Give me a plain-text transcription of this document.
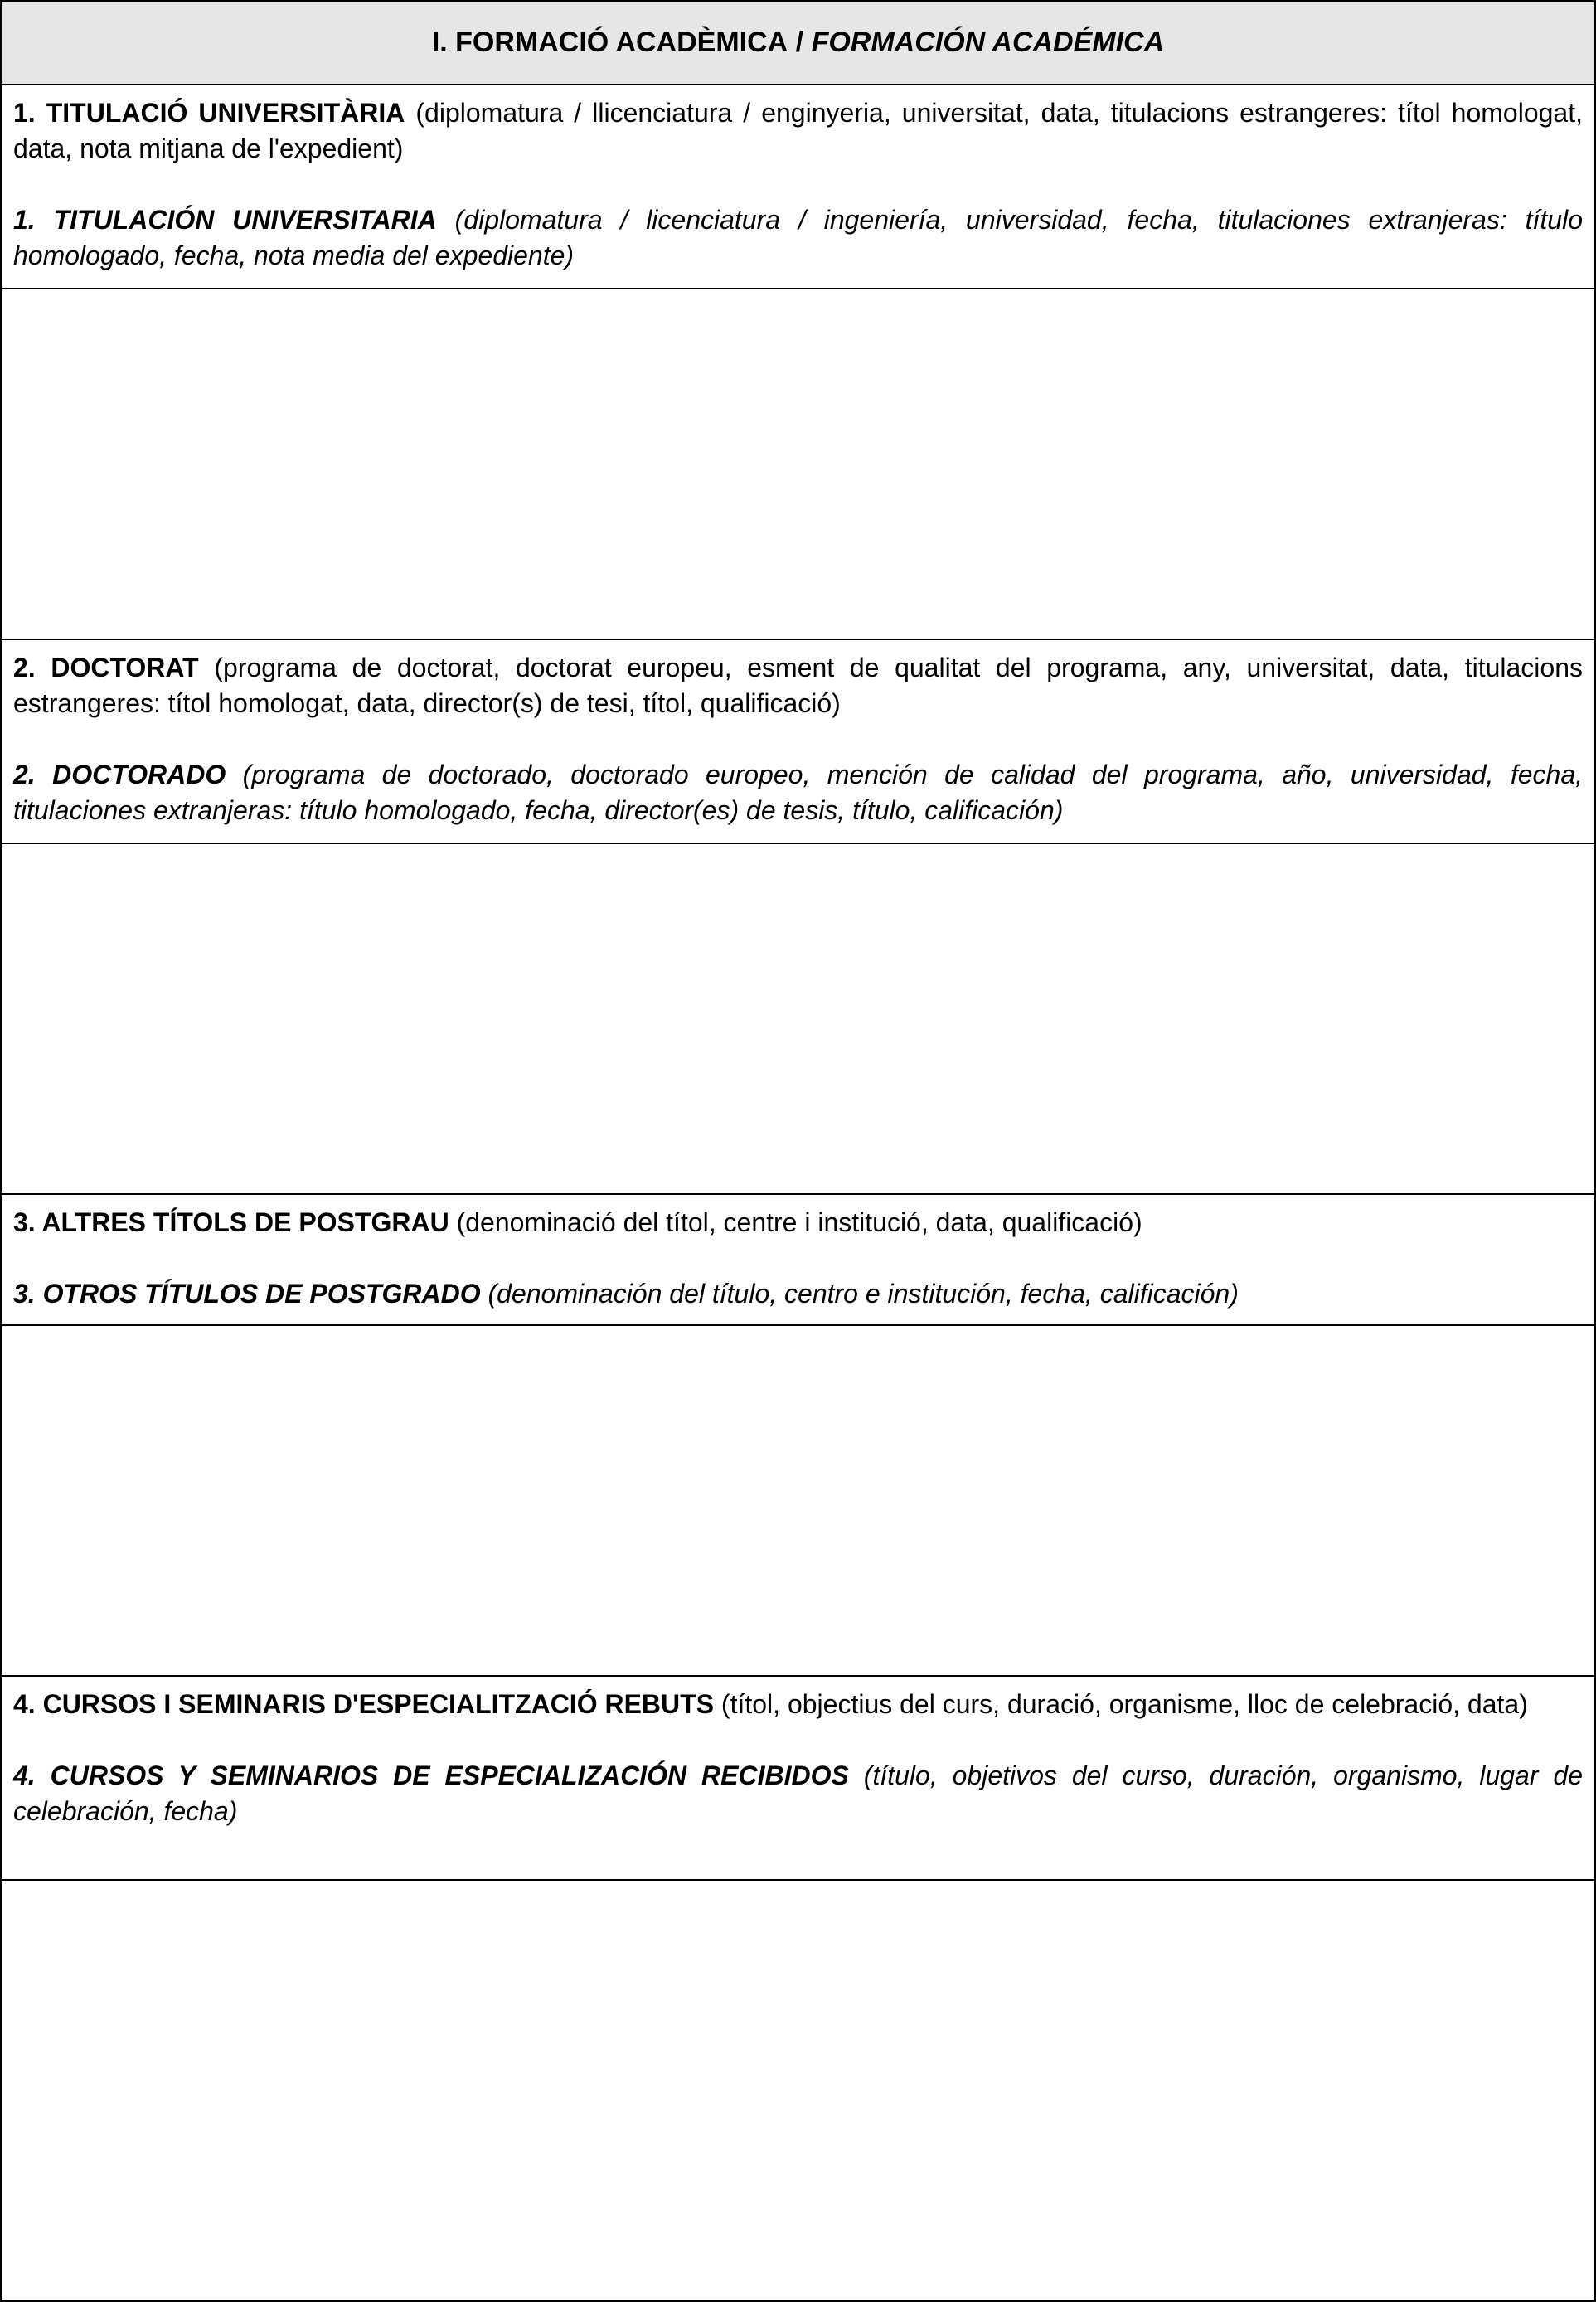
I. FORMACIÓ ACADÈMICA / FORMACIÓN ACADÉMICA

1. TITULACIÓ UNIVERSITÀRIA (diplomatura / llicenciatura / enginyeria, universitat, data, titulacions estrangeres: títol homologat, data, nota mitjana de l'expedient)

1. TITULACIÓN UNIVERSITARIA (diplomatura / licenciatura / ingeniería, universidad, fecha, titulaciones extranjeras: título homologado, fecha, nota media del expediente)

2. DOCTORAT (programa de doctorat, doctorat europeu, esment de qualitat del programa, any, universitat, data, titulacions estrangeres: títol homologat, data, director(s) de tesi, títol, qualificació)

2. DOCTORADO (programa de doctorado, doctorado europeo, mención de calidad del programa, año, universidad, fecha, titulaciones extranjeras: título homologado, fecha, director(es) de tesis, título, calificación)

3. ALTRES TÍTOLS DE POSTGRAU (denominació del títol, centre i institució, data, qualificació)

3. OTROS TÍTULOS DE POSTGRADO (denominación del título, centro e institución, fecha, calificación)

4. CURSOS I SEMINARIS D'ESPECIALITZACIÓ REBUTS (títol, objectius del curs, duració, organisme, lloc de celebració, data)

4. CURSOS Y SEMINARIOS DE ESPECIALIZACIÓN RECIBIDOS (título, objetivos del curso, duración, organismo, lugar de celebración, fecha)
